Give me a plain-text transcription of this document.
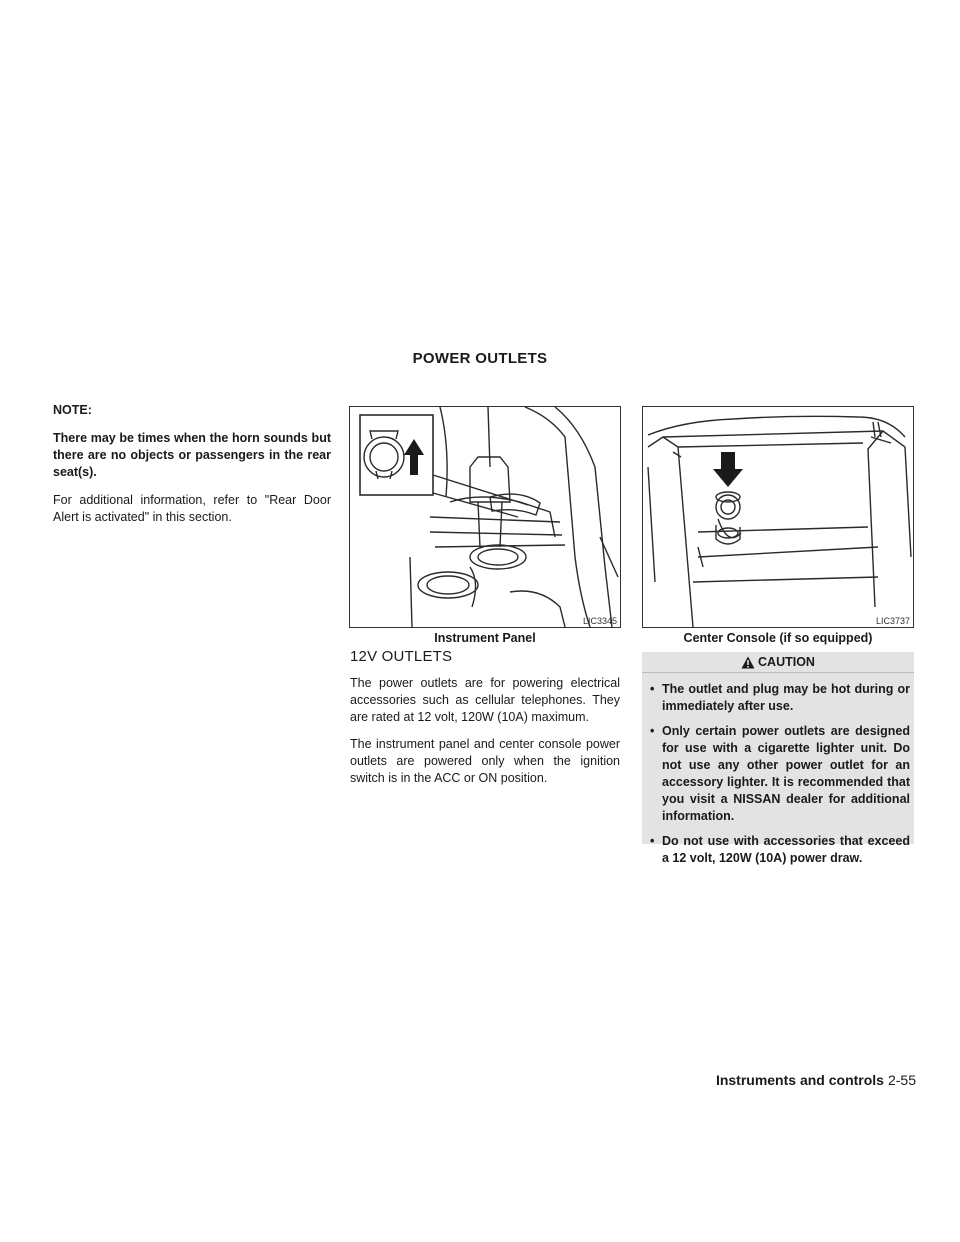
POWER OUTLETS

NOTE:

There may be times when the horn sounds but there are no objects or passengers in the rear seat(s).

For additional information, refer to "Rear Door Alert is activated" in this section.

LIC3345
Instrument Panel
LIC3737
Center Console (if so equipped)
12V OUTLETS

The power outlets are for powering electrical accessories such as cellular telephones. They are rated at 12 volt, 120W (10A) maximum.

The instrument panel and center console power outlets are powered only when the ignition switch is in the ACC or ON position.

CAUTION
• The outlet and plug may be hot during or immediately after use.
• Only certain power outlets are designed for use with a cigarette lighter unit. Do not use any other power outlet for an accessory lighter. It is recommended that you visit a NISSAN dealer for additional information.
• Do not use with accessories that exceed a 12 volt, 120W (10A) power draw.
Instruments and controls 2-55
